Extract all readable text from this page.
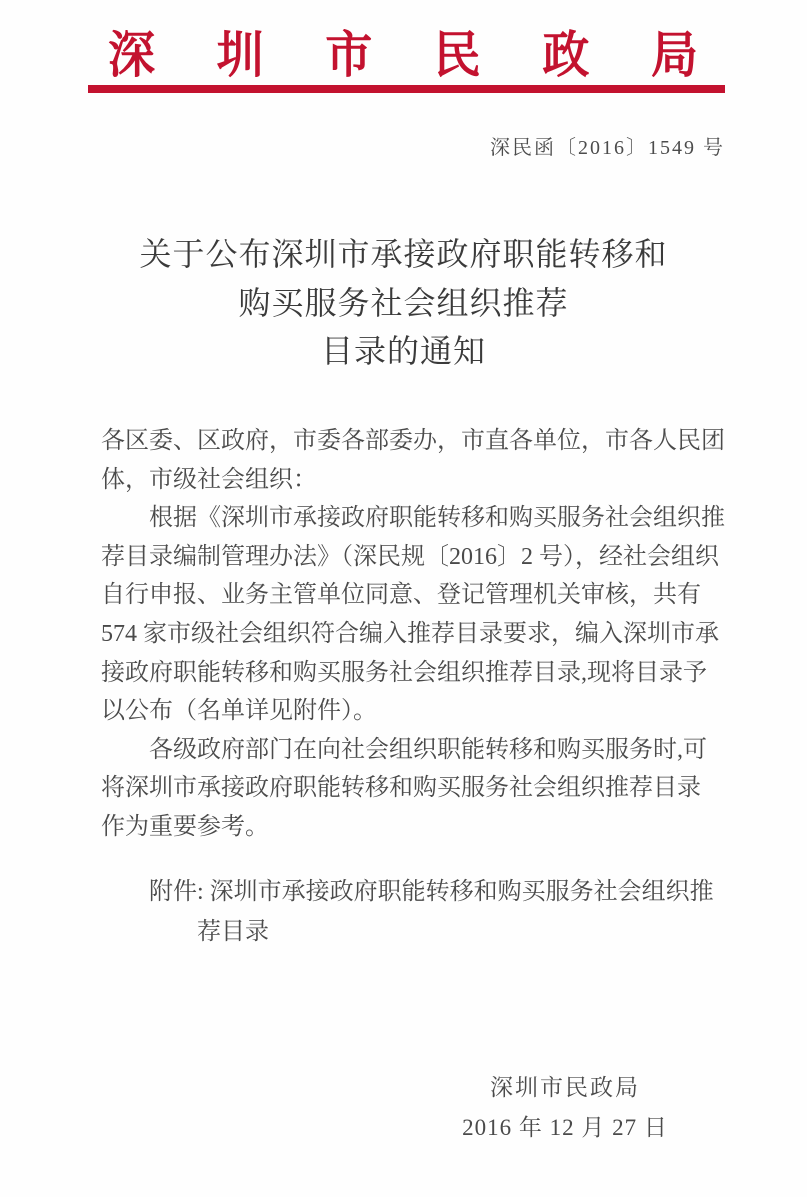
深 圳 市 民 政 局
深民函〔2016〕1549 号
关于公布深圳市承接政府职能转移和
购买服务社会组织推荐
目录的通知
各区委、区政府，市委各部委办，市直各单位，市各人民团
体，市级社会组织：
　　根据《深圳市承接政府职能转移和购买服务社会组织推
荐目录编制管理办法》（深民规〔2016〕2 号），经社会组织
自行申报、业务主管单位同意、登记管理机关审核，共有
574 家市级社会组织符合编入推荐目录要求，编入深圳市承
接政府职能转移和购买服务社会组织推荐目录,现将目录予
以公布（名单详见附件）。
　　各级政府部门在向社会组织职能转移和购买服务时,可
将深圳市承接政府职能转移和购买服务社会组织推荐目录
作为重要参考。
　　附件: 深圳市承接政府职能转移和购买服务社会组织推
　　　　荐目录
深圳市民政局
2016 年 12 月 27 日
